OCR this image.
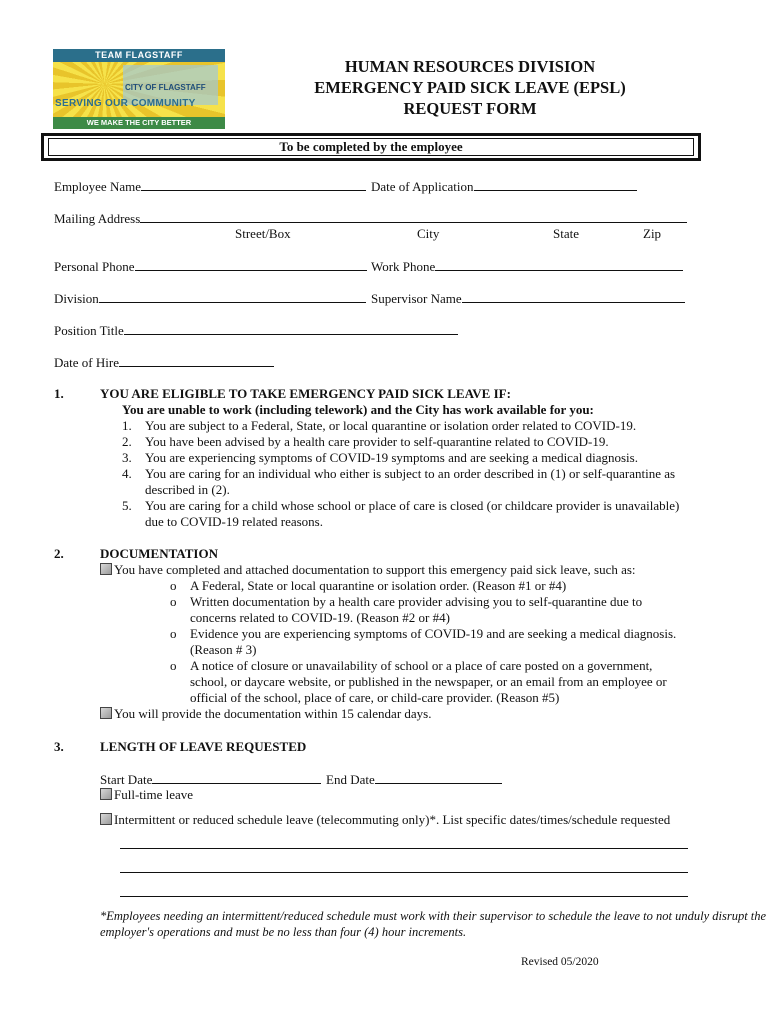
TEAM FLAGSTAFF
CITY OF FLAGSTAFF
SERVING OUR COMMUNITY
WE MAKE THE CITY BETTER
HUMAN RESOURCES DIVISION
EMERGENCY PAID SICK LEAVE (EPSL)
REQUEST FORM
To be completed by the employee
Employee Name	Date of Application
Mailing Address
Street/Box	City	State	Zip
Personal Phone	Work Phone
Division	Supervisor Name
Position Title
Date of Hire
1.	YOU ARE ELIGIBLE TO TAKE EMERGENCY PAID SICK LEAVE IF:
You are unable to work (including telework) and the City has work available for you:
1. You are subject to a Federal, State, or local quarantine or isolation order related to COVID-19.
2. You have been advised by a health care provider to self-quarantine related to COVID-19.
3. You are experiencing symptoms of COVID-19 symptoms and are seeking a medical diagnosis.
4. You are caring for an individual who either is subject to an order described in (1) or self-quarantine as
described in (2).
5. You are caring for a child whose school or place of care is closed (or childcare provider is unavailable)
due to COVID-19 related reasons.
2.	DOCUMENTATION
You have completed and attached documentation to support this emergency paid sick leave, such as:
o A Federal, State or local quarantine or isolation order. (Reason #1 or #4)
o Written documentation by a health care provider advising you to self-quarantine due to
concerns related to COVID-19. (Reason #2 or #4)
o Evidence you are experiencing symptoms of COVID-19 and are seeking a medical diagnosis.
(Reason # 3)
o A notice of closure or unavailability of school or a place of care posted on a government,
school, or daycare website, or published in the newspaper, or an email from an employee or
official of the school, place of care, or child-care provider. (Reason #5)
You will provide the documentation within 15 calendar days.
3.	LENGTH OF LEAVE REQUESTED
Start Date	End Date
Full-time leave
Intermittent or reduced schedule leave (telecommuting only)*. List specific dates/times/schedule requested
*Employees needing an intermittent/reduced schedule must work with their supervisor to schedule the leave to not unduly disrupt the
employer's operations and must be no less than four (4) hour increments.
Revised 05/2020
